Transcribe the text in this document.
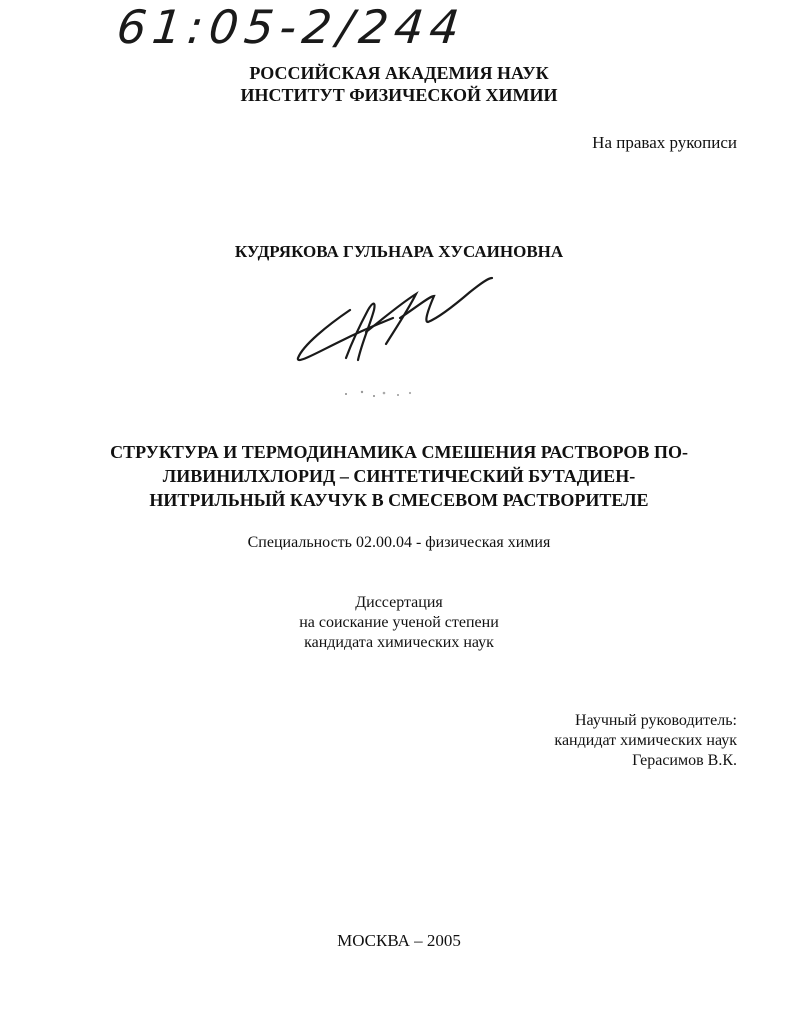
61:05-2/244
РОССИЙСКАЯ АКАДЕМИЯ НАУК
ИНСТИТУТ ФИЗИЧЕСКОЙ ХИМИИ
На правах рукописи
КУДРЯКОВА ГУЛЬНАРА ХУСАИНОВНА
СТРУКТУРА И ТЕРМОДИНАМИКА СМЕШЕНИЯ РАСТВОРОВ ПО-
ЛИВИНИЛХЛОРИД – СИНТЕТИЧЕСКИЙ БУТАДИЕН-
НИТРИЛЬНЫЙ КАУЧУК В СМЕСЕВОМ РАСТВОРИТЕЛЕ
Специальность 02.00.04 - физическая химия
Диссертация
на соискание ученой степени
кандидата химических наук
Научный руководитель:
кандидат химических наук
Герасимов В.К.
МОСКВА – 2005
